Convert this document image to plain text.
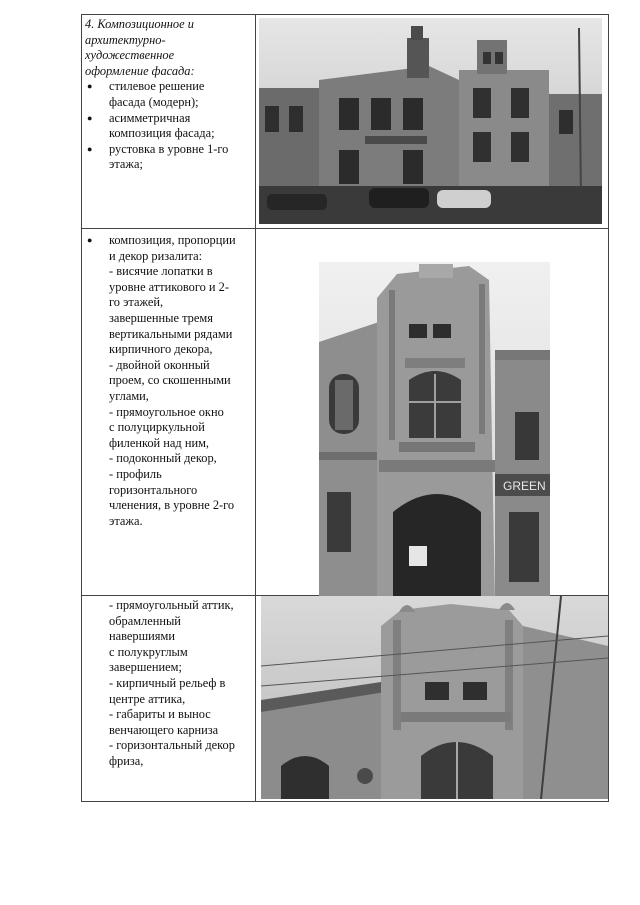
4. Композиционное и
архитектурно-
художественное
оформление фасада:
● стилевое решение
фасада (модерн);
● асимметричная
композиция фасада;
● рустовка в уровне 1-го
этажа;
● композиция, пропорции
и декор ризалита:
- висячие лопатки в
уровне аттикового и 2-
го этажей,
завершенные тремя
вертикальными рядами
кирпичного декора,
- двойной оконный
проем, со скошенными
углами,
- прямоугольное окно
с полуциркульной
филенкой над ним,
- подоконный декор,
- профиль
горизонтального
членения, в уровне 2-го
этажа.
GREEN
- прямоугольный аттик,
обрамленный
навершиями
с полукруглым
завершением;
- кирпичный рельеф в
центре аттика,
- габариты и вынос
венчающего карниза
- горизонтальный декор
фриза,
